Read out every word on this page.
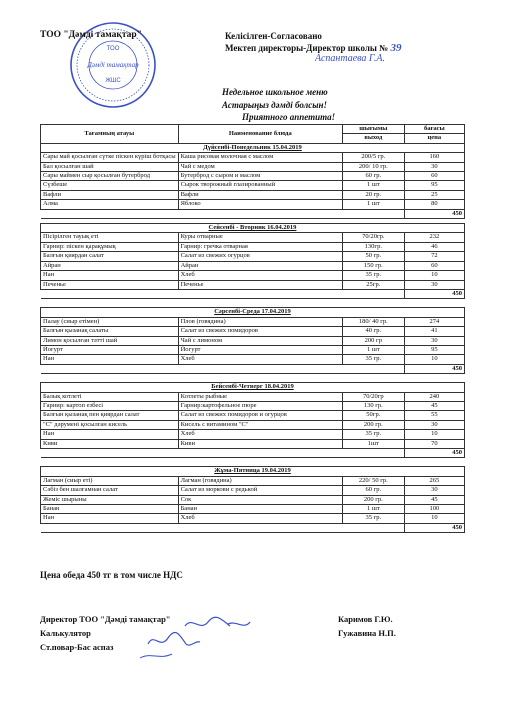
ТОО
Дәмді тамақтар
ЖШС
ТОО "Дәмді тамақтар"	Келісілген-Согласовано
Мектеп директоры-Директор школы № 39
Аспантаева Г.А.
Недельное школьное меню
Астарыңыз дәмді болсын!
Приятного аппетита!
Тағамның атауы	Наименование блюда	шығымы	бағасы
		выход	цена
Дүйсенбі-Понедельник 15.04.2019			
Сары май қосылған сүтке піскен күріш ботқасы	Каша рисовая молочная с маслом	200/5 гр.	160
Бал қосылған шай	Чай с медом	200/ 10 гр.	30
Сары маймен сыр қосылған бутерброд	Бутерброд с сыром и маслом	60 гр.	60
Сүзбеше	Сырок творожный глазированный	1 шт	95
Вафли	Вафли	20 гр.	25
Алма	Яблоко	1 шт	80
			450

Сейсенбі - Вторник 16.04.2019			
Пісірілген тауық еті	Куры отварные	70/20гр.	232
Гарнир: піскен қарақұмық	Гарнир: гречка отварная	130гр.	46
Балғын қиярдан салат	Салат из свежих огурцов	50 гр.	72
Айран	Айран	150 гр.	60
Нан	Хлеб	35 гр.	10
Печенье	Печенье	25гр.	30
			450

Сәрсенбі-Среда 17.04.2019			
Палау (сиыр етімен)	Плов (говядина)	180/ 40 гр.	274
Балғын қызанақ салаты	Салат из свежих помидоров	40 гр.	41
Лимон қосылған тәтті шай	Чай с лимоном	200 гр	30
Йогурт	Йогурт	1 шт	95
Нан	Хлеб	35 гр.	10
			450

Бейсенбі-Четверг 18.04.2019			
Балық котлеті	Котлеты рыбные	70/20гр	240
Гарнир: картоп езбесі	Гарнир:картофельное пюре	130 гр.	45
Балғын қызанақ пен қиярдан салат	Салат из свежих помидоров и огурцов	50гр.	55
"С" дәрумені қосылған кисель	Кисель с витамином "С"	200 гр.	30
Нан	Хлеб	35 гр.	10
Киви	Киви	1шт	70
			450

Жұма-Пятница 19.04.2019			
Лагман (сиыр еті)	Лагман (говядина)	220/ 50 гр.	265
Сәбіз бен шалғамнан салат	Салат из моркови с редькой	60 гр.	30
Жеміс шырыны	Сок	200 гр.	45
Банан	Банан	1 шт	100
Нан	Хлеб	35 гр.	10
			450
Цена обеда 450 тг в том числе НДС
Директор ТОО "Дәмді тамақтар"
Калькулятор
Ст.повар-Бас аспаз
Каримов Г.Ю.
Гужавина Н.П.
